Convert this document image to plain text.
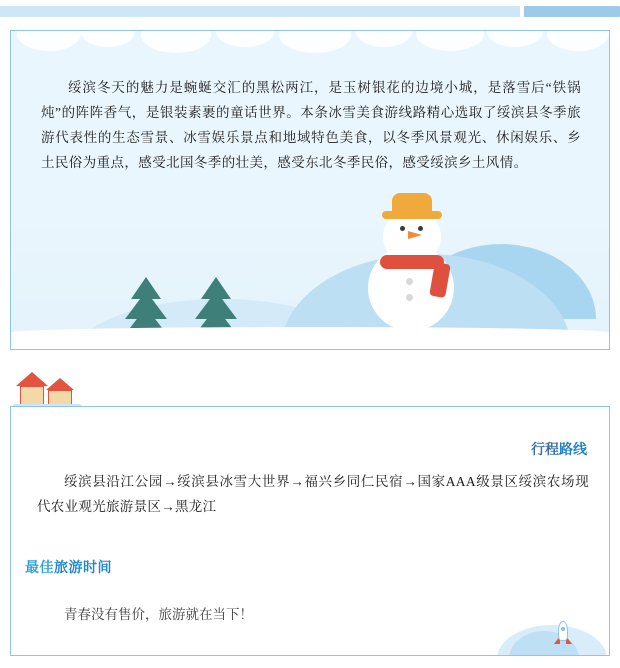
绥滨冬天的魅力是蜿蜒交汇的黑松两江，是玉树银花的边境小城，是落雪后“铁锅炖”的阵阵香气，是银装素裹的童话世界。本条冰雪美食游线路精心选取了绥滨县冬季旅游代表性的生态雪景、冰雪娱乐景点和地域特色美食，以冬季风景观光、休闲娱乐、乡土民俗为重点，感受北国冬季的壮美，感受东北冬季民俗，感受绥滨乡土风情。
行程路线
绥滨县沿江公园→绥滨县冰雪大世界→福兴乡同仁民宿→国家AAA级景区绥滨农场现代农业观光旅游景区→黑龙江
最佳旅游时间
青春没有售价，旅游就在当下！
